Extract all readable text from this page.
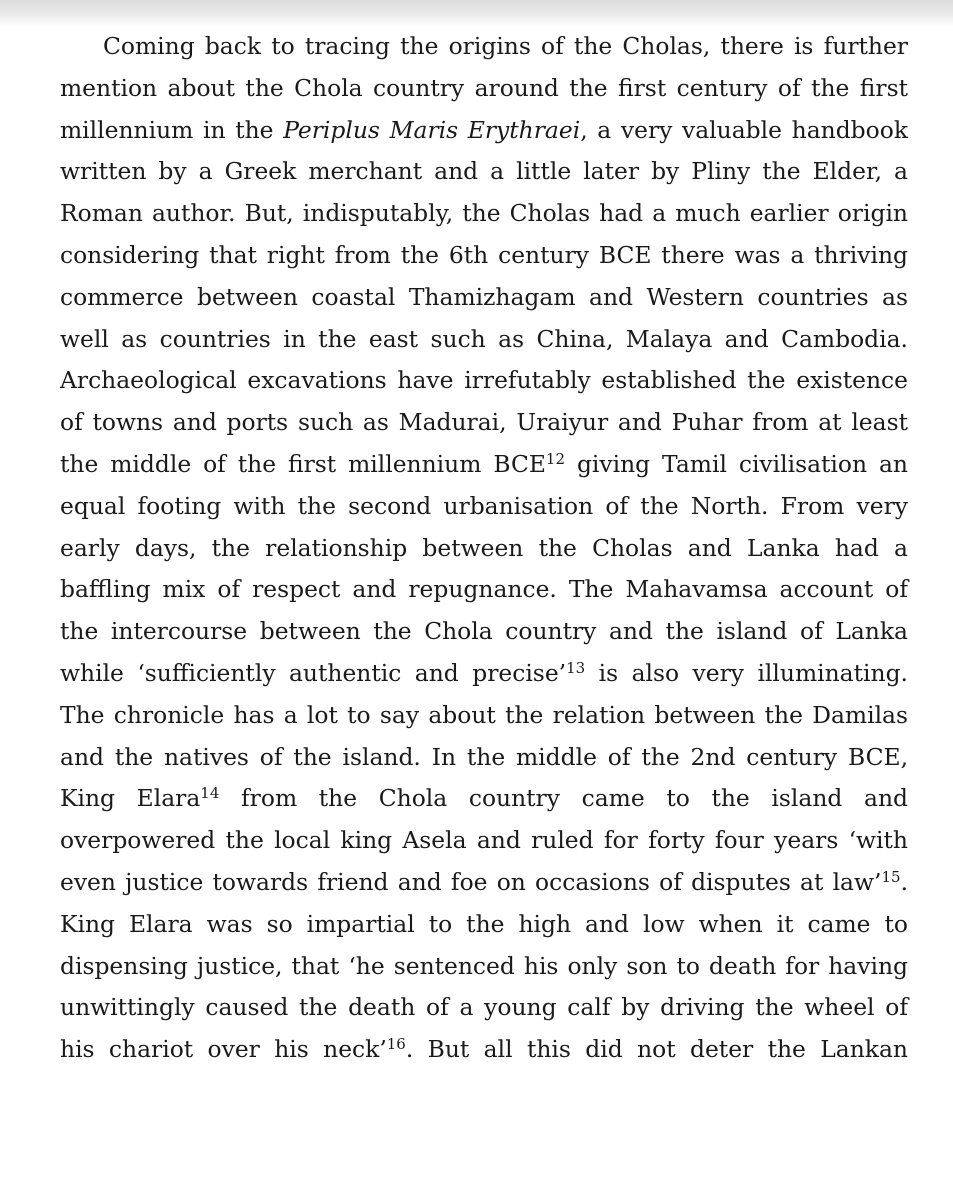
Coming back to tracing the origins of the Cholas, there is further mention about the Chola country around the first century of the first millennium in the Periplus Maris Erythraei, a very valuable handbook written by a Greek merchant and a little later by Pliny the Elder, a Roman author. But, indisputably, the Cholas had a much earlier origin considering that right from the 6th century BCE there was a thriving commerce between coastal Thamizhagam and Western countries as well as countries in the east such as China, Malaya and Cambodia. Archaeological excavations have irrefutably established the existence of towns and ports such as Madurai, Uraiyur and Puhar from at least the middle of the first millennium BCE$^{12}$ giving Tamil civilisation an equal footing with the second urbanisation of the North. From very early days, the relationship between the Cholas and Lanka had a baffling mix of respect and repugnance. The Mahavamsa account of the intercourse between the Chola country and the island of Lanka while ‘sufficiently authentic and precise’$^{13}$ is also very illuminating. The chronicle has a lot to say about the relation between the Damilas and the natives of the island. In the middle of the 2nd century BCE, King Elara$^{14}$ from the Chola country came to the island and overpowered the local king Asela and ruled for forty four years ‘with even justice towards friend and foe on occasions of disputes at law’$^{15}$. King Elara was so impartial to the high and low when it came to dispensing justice, that ‘he sentenced his only son to death for having unwittingly caused the death of a young calf by driving the wheel of his chariot over his neck’$^{16}$. But all this did not deter the Lankan
